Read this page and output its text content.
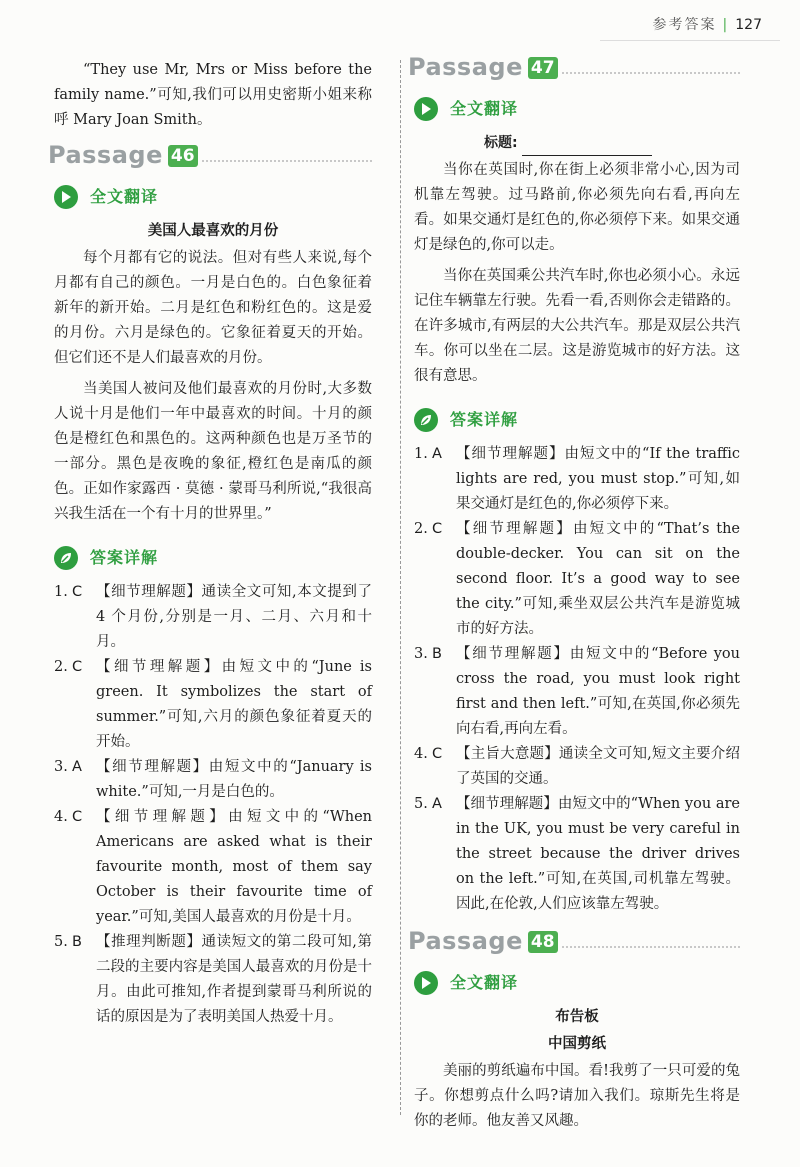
参考答案 | 127

“They use Mr, Mrs or Miss before the family name.”可知,我们可以用史密斯小姐来称呼 Mary Joan Smith。

Passage 46
全文翻译
美国人最喜欢的月份

每个月都有它的说法。但对有些人来说,每个月都有自己的颜色。一月是白色的。白色象征着新年的新开始。二月是红色和粉红色的。这是爱的月份。六月是绿色的。它象征着夏天的开始。但它们还不是人们最喜欢的月份。

当美国人被问及他们最喜欢的月份时,大多数人说十月是他们一年中最喜欢的时间。十月的颜色是橙红色和黑色的。这两种颜色也是万圣节的一部分。黑色是夜晚的象征,橙红色是南瓜的颜色。正如作家露西 · 莫德 · 蒙哥马利所说,“我很高兴我生活在一个有十月的世界里。”

答案详解
1. C 【细节理解题】通读全文可知,本文提到了 4 个月份,分别是一月、二月、六月和十月。
2. C 【细节理解题】由短文中的“June is green. It symbolizes the start of summer.”可知,六月的颜色象征着夏天的开始。
3. A 【细节理解题】由短文中的“January is white.”可知,一月是白色的。
4. C 【细节理解题】由短文中的“When Americans are asked what is their favourite month, most of them say October is their favourite time of year.”可知,美国人最喜欢的月份是十月。
5. B 【推理判断题】通读短文的第二段可知,第二段的主要内容是美国人最喜欢的月份是十月。由此可推知,作者提到蒙哥马利所说的话的原因是为了表明美国人热爱十月。
Passage 47
全文翻译
标题:

当你在英国时,你在街上必须非常小心,因为司机靠左驾驶。过马路前,你必须先向右看,再向左看。如果交通灯是红色的,你必须停下来。如果交通灯是绿色的,你可以走。

当你在英国乘公共汽车时,你也必须小心。永远记住车辆靠左行驶。先看一看,否则你会走错路的。在许多城市,有两层的大公共汽车。那是双层公共汽车。你可以坐在二层。这是游览城市的好方法。这很有意思。

答案详解
1. A 【细节理解题】由短文中的“If the traffic lights are red, you must stop.”可知,如果交通灯是红色的,你必须停下来。
2. C 【细节理解题】由短文中的“That’s the double-decker. You can sit on the second floor. It’s a good way to see the city.”可知,乘坐双层公共汽车是游览城市的好方法。
3. B 【细节理解题】由短文中的“Before you cross the road, you must look right first and then left.”可知,在英国,你必须先向右看,再向左看。
4. C 【主旨大意题】通读全文可知,短文主要介绍了英国的交通。
5. A 【细节理解题】由短文中的“When you are in the UK, you must be very careful in the street because the driver drives on the left.”可知,在英国,司机靠左驾驶。因此,在伦敦,人们应该靠左驾驶。
Passage 48
全文翻译
布告板
中国剪纸

美丽的剪纸遍布中国。看!我剪了一只可爱的兔子。你想剪点什么吗?请加入我们。琼斯先生将是你的老师。他友善又风趣。
